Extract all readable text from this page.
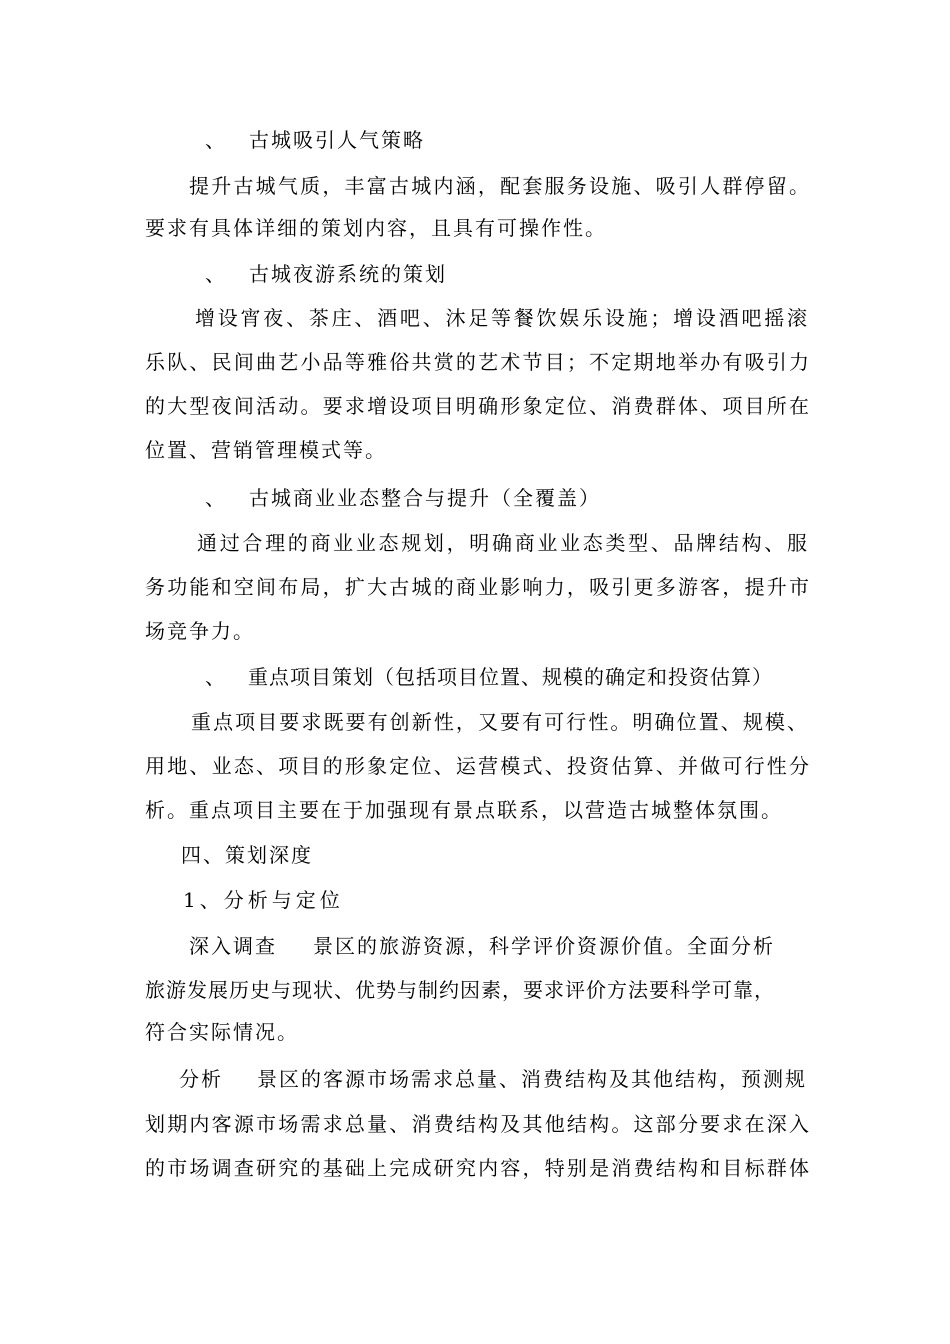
、 古城吸引人气策略
提升古城气质，丰富古城内涵，配套服务设施、吸引人群停留。
要求有具体详细的策划内容，且具有可操作性。
、 古城夜游系统的策划
增设宵夜、茶庄、酒吧、沐足等餐饮娱乐设施；增设酒吧摇滚
乐队、民间曲艺小品等雅俗共赏的艺术节目；不定期地举办有吸引力
的大型夜间活动。要求增设项目明确形象定位、消费群体、项目所在
位置、营销管理模式等。
、 古城商业业态整合与提升（全覆盖）
通过合理的商业业态规划，明确商业业态类型、品牌结构、服
务功能和空间布局，扩大古城的商业影响力，吸引更多游客，提升市
场竞争力。
、 重点项目策划（包括项目位置、规模的确定和投资估算）
重点项目要求既要有创新性，又要有可行性。明确位置、规模、
用地、业态、项目的形象定位、运营模式、投资估算、并做可行性分
析。重点项目主要在于加强现有景点联系，以营造古城整体氛围。
四、策划深度
1、分析与定位
深入调查 景区的旅游资源，科学评价资源价值。全面分析
旅游发展历史与现状、优势与制约因素，要求评价方法要科学可靠，
符合实际情况。
分析 景区的客源市场需求总量、消费结构及其他结构，预测规
划期内客源市场需求总量、消费结构及其他结构。这部分要求在深入
的市场调查研究的基础上完成研究内容，特别是消费结构和目标群体
